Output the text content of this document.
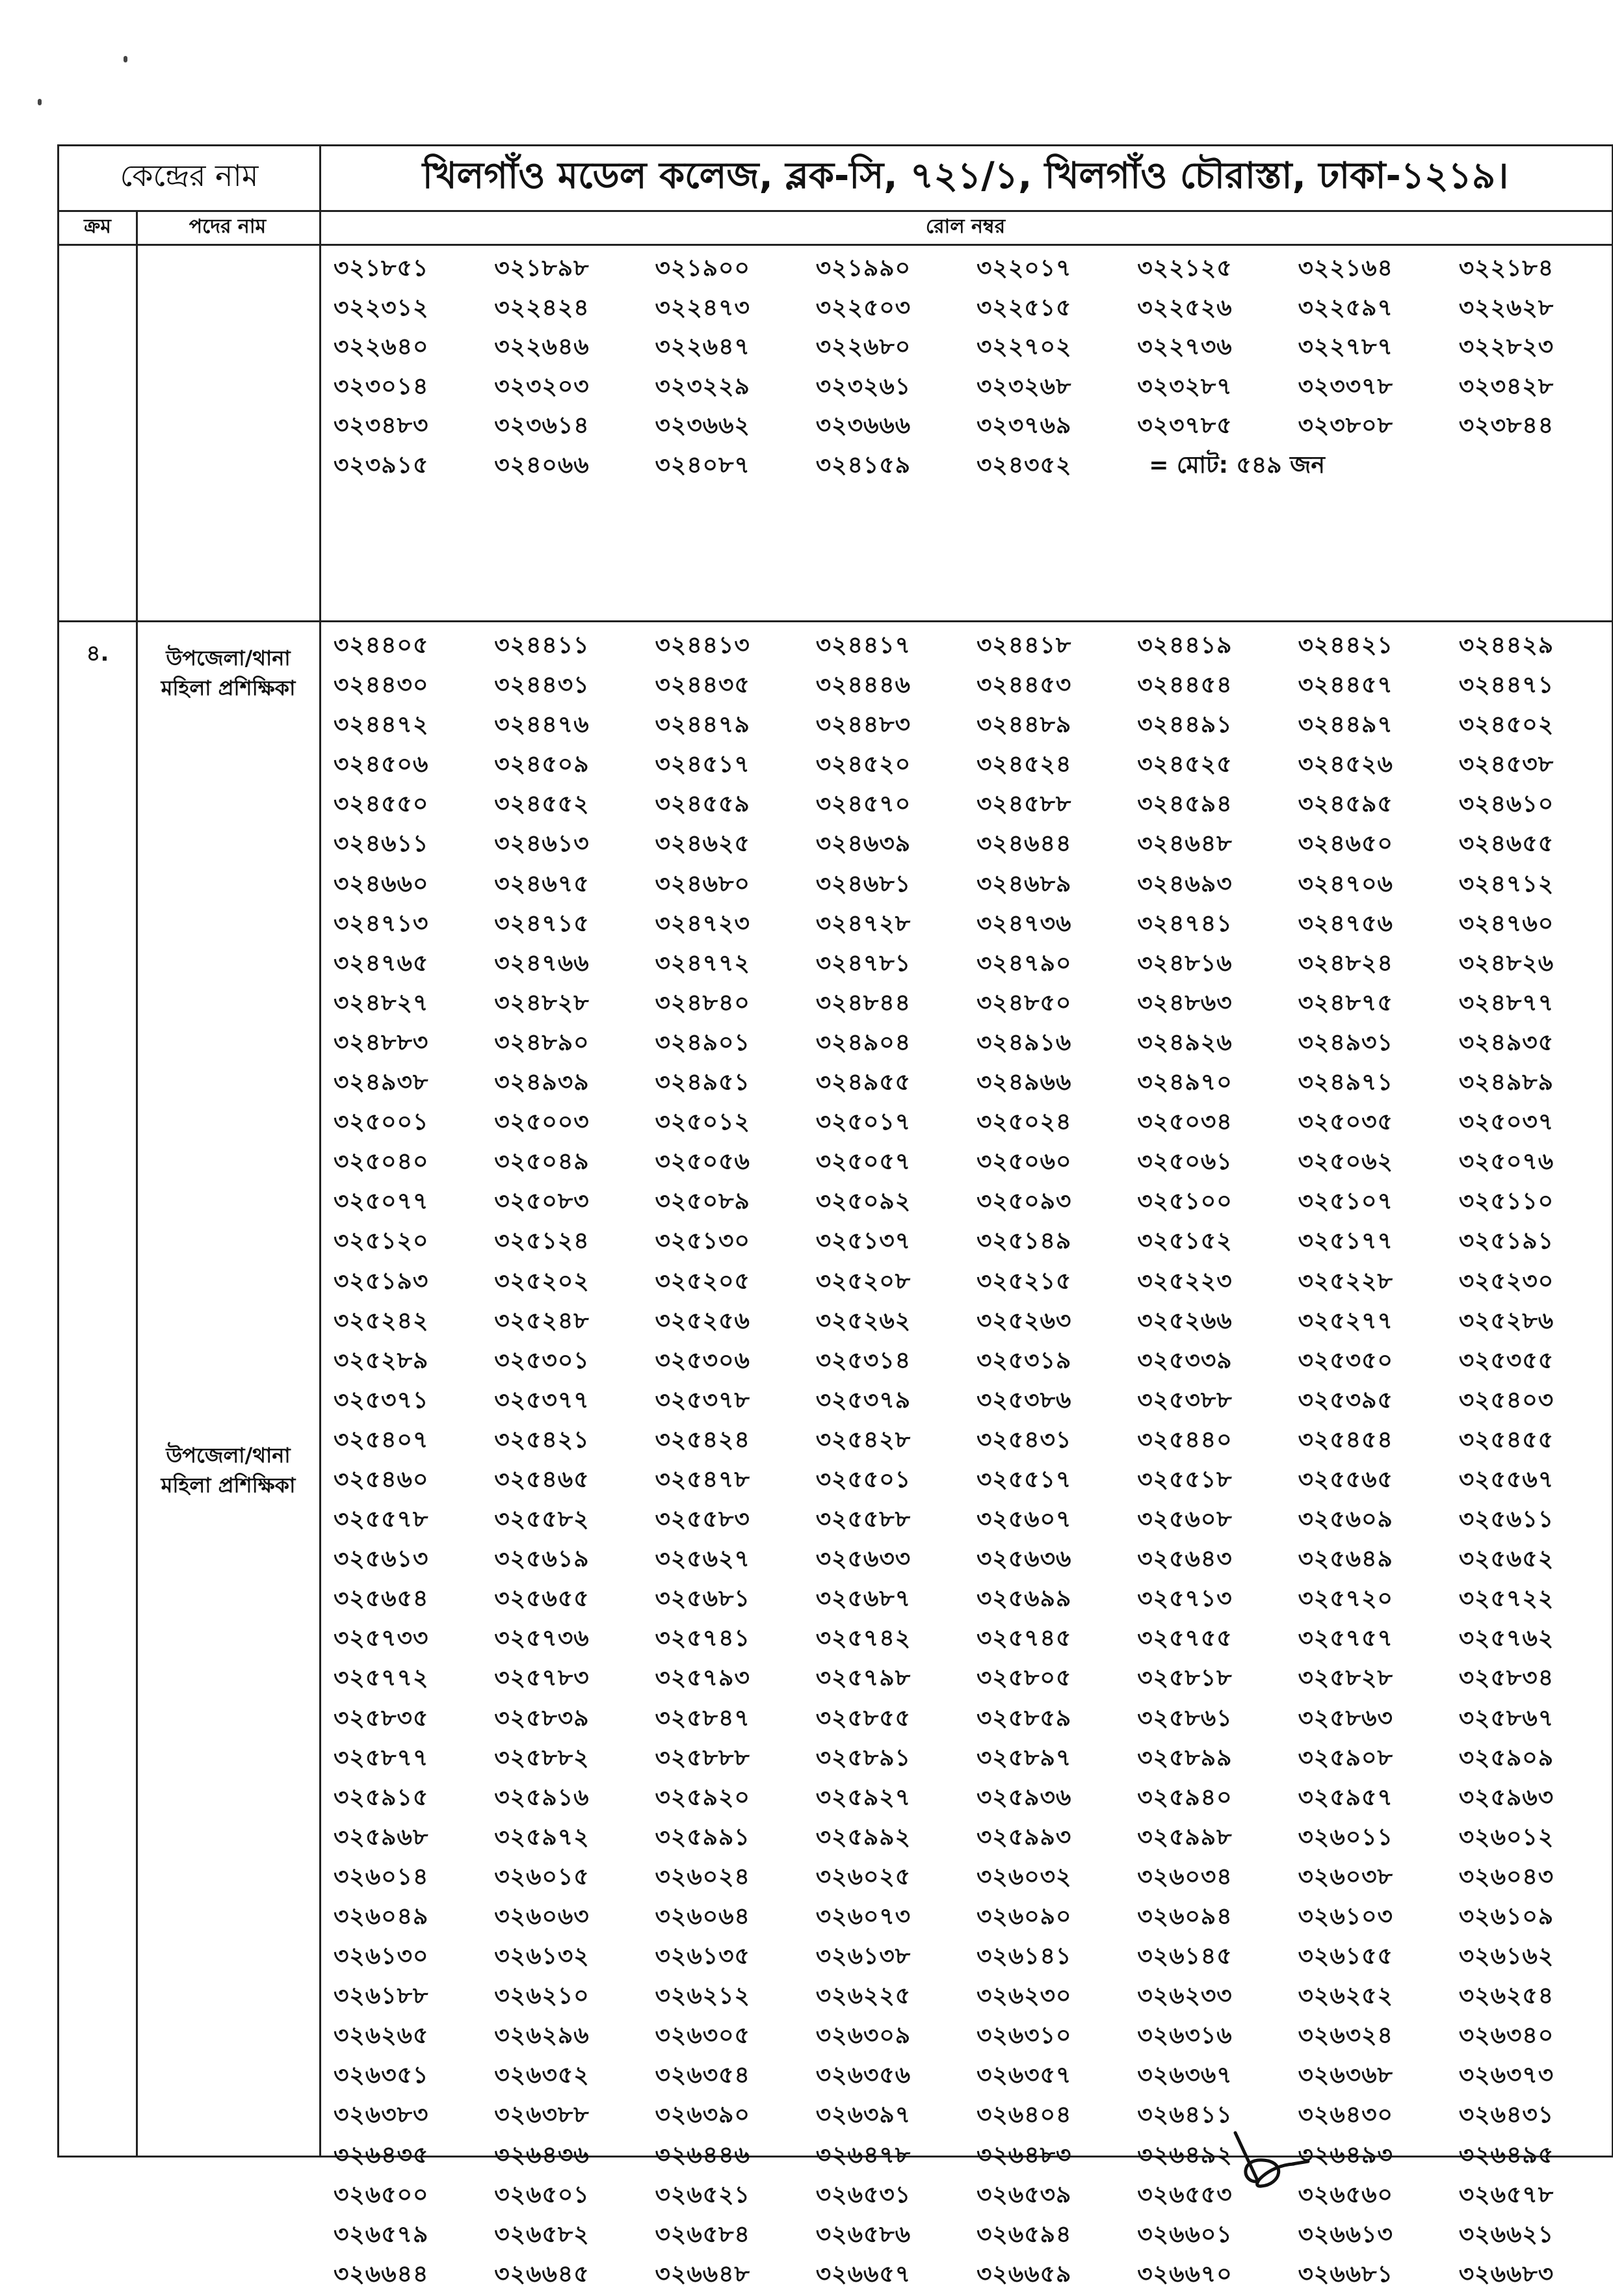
কেন্দ্রের নাম	খিলগাঁও মডেল কলেজ, ব্লক-সি, ৭২১/১, খিলগাঁও চৌরাস্তা, ঢাকা-১২১৯।
ক্রম	পদের নাম	রোল নম্বর
৩২১৮৫১	৩২১৮৯৮	৩২১৯০০	৩২১৯৯০	৩২২০১৭	৩২২১২৫	৩২২১৬৪	৩২২১৮৪
৩২২৩১২	৩২২৪২৪	৩২২৪৭৩	৩২২৫০৩	৩২২৫১৫	৩২২৫২৬	৩২২৫৯৭	৩২২৬২৮
৩২২৬৪০	৩২২৬৪৬	৩২২৬৪৭	৩২২৬৮০	৩২২৭০২	৩২২৭৩৬	৩২২৭৮৭	৩২২৮২৩
৩২৩০১৪	৩২৩২০৩	৩২৩২২৯	৩২৩২৬১	৩২৩২৬৮	৩২৩২৮৭	৩২৩৩৭৮	৩২৩৪২৮
৩২৩৪৮৩	৩২৩৬১৪	৩২৩৬৬২	৩২৩৬৬৬	৩২৩৭৬৯	৩২৩৭৮৫	৩২৩৮০৮	৩২৩৮৪৪
৩২৩৯১৫	৩২৪০৬৬	৩২৪০৮৭	৩২৪১৫৯	৩২৪৩৫২	= মোট: ৫৪৯ জন
৪.	উপজেলা/থানা
মহিলা প্রশিক্ষিকা
উপজেলা/থানা
মহিলা প্রশিক্ষিকা
৩২৪৪০৫	৩২৪৪১১	৩২৪৪১৩	৩২৪৪১৭	৩২৪৪১৮	৩২৪৪১৯	৩২৪৪২১	৩২৪৪২৯
৩২৪৪৩০	৩২৪৪৩১	৩২৪৪৩৫	৩২৪৪৪৬	৩২৪৪৫৩	৩২৪৪৫৪	৩২৪৪৫৭	৩২৪৪৭১
৩২৪৪৭২	৩২৪৪৭৬	৩২৪৪৭৯	৩২৪৪৮৩	৩২৪৪৮৯	৩২৪৪৯১	৩২৪৪৯৭	৩২৪৫০২
৩২৪৫০৬	৩২৪৫০৯	৩২৪৫১৭	৩২৪৫২০	৩২৪৫২৪	৩২৪৫২৫	৩২৪৫২৬	৩২৪৫৩৮
৩২৪৫৫০	৩২৪৫৫২	৩২৪৫৫৯	৩২৪৫৭০	৩২৪৫৮৮	৩২৪৫৯৪	৩২৪৫৯৫	৩২৪৬১০
৩২৪৬১১	৩২৪৬১৩	৩২৪৬২৫	৩২৪৬৩৯	৩২৪৬৪৪	৩২৪৬৪৮	৩২৪৬৫০	৩২৪৬৫৫
৩২৪৬৬০	৩২৪৬৭৫	৩২৪৬৮০	৩২৪৬৮১	৩২৪৬৮৯	৩২৪৬৯৩	৩২৪৭০৬	৩২৪৭১২
৩২৪৭১৩	৩২৪৭১৫	৩২৪৭২৩	৩২৪৭২৮	৩২৪৭৩৬	৩২৪৭৪১	৩২৪৭৫৬	৩২৪৭৬০
৩২৪৭৬৫	৩২৪৭৬৬	৩২৪৭৭২	৩২৪৭৮১	৩২৪৭৯০	৩২৪৮১৬	৩২৪৮২৪	৩২৪৮২৬
৩২৪৮২৭	৩২৪৮২৮	৩২৪৮৪০	৩২৪৮৪৪	৩২৪৮৫০	৩২৪৮৬৩	৩২৪৮৭৫	৩২৪৮৭৭
৩২৪৮৮৩	৩২৪৮৯০	৩২৪৯০১	৩২৪৯০৪	৩২৪৯১৬	৩২৪৯২৬	৩২৪৯৩১	৩২৪৯৩৫
৩২৪৯৩৮	৩২৪৯৩৯	৩২৪৯৫১	৩২৪৯৫৫	৩২৪৯৬৬	৩২৪৯৭০	৩২৪৯৭১	৩২৪৯৮৯
৩২৫০০১	৩২৫০০৩	৩২৫০১২	৩২৫০১৭	৩২৫০২৪	৩২৫০৩৪	৩২৫০৩৫	৩২৫০৩৭
৩২৫০৪০	৩২৫০৪৯	৩২৫০৫৬	৩২৫০৫৭	৩২৫০৬০	৩২৫০৬১	৩২৫০৬২	৩২৫০৭৬
৩২৫০৭৭	৩২৫০৮৩	৩২৫০৮৯	৩২৫০৯২	৩২৫০৯৩	৩২৫১০০	৩২৫১০৭	৩২৫১১০
৩২৫১২০	৩২৫১২৪	৩২৫১৩০	৩২৫১৩৭	৩২৫১৪৯	৩২৫১৫২	৩২৫১৭৭	৩২৫১৯১
৩২৫১৯৩	৩২৫২০২	৩২৫২০৫	৩২৫২০৮	৩২৫২১৫	৩২৫২২৩	৩২৫২২৮	৩২৫২৩০
৩২৫২৪২	৩২৫২৪৮	৩২৫২৫৬	৩২৫২৬২	৩২৫২৬৩	৩২৫২৬৬	৩২৫২৭৭	৩২৫২৮৬
৩২৫২৮৯	৩২৫৩০১	৩২৫৩০৬	৩২৫৩১৪	৩২৫৩১৯	৩২৫৩৩৯	৩২৫৩৫০	৩২৫৩৫৫
৩২৫৩৭১	৩২৫৩৭৭	৩২৫৩৭৮	৩২৫৩৭৯	৩২৫৩৮৬	৩২৫৩৮৮	৩২৫৩৯৫	৩২৫৪০৩
৩২৫৪০৭	৩২৫৪২১	৩২৫৪২৪	৩২৫৪২৮	৩২৫৪৩১	৩২৫৪৪০	৩২৫৪৫৪	৩২৫৪৫৫
৩২৫৪৬০	৩২৫৪৬৫	৩২৫৪৭৮	৩২৫৫০১	৩২৫৫১৭	৩২৫৫১৮	৩২৫৫৬৫	৩২৫৫৬৭
৩২৫৫৭৮	৩২৫৫৮২	৩২৫৫৮৩	৩২৫৫৮৮	৩২৫৬০৭	৩২৫৬০৮	৩২৫৬০৯	৩২৫৬১১
৩২৫৬১৩	৩২৫৬১৯	৩২৫৬২৭	৩২৫৬৩৩	৩২৫৬৩৬	৩২৫৬৪৩	৩২৫৬৪৯	৩২৫৬৫২
৩২৫৬৫৪	৩২৫৬৫৫	৩২৫৬৮১	৩২৫৬৮৭	৩২৫৬৯৯	৩২৫৭১৩	৩২৫৭২০	৩২৫৭২২
৩২৫৭৩৩	৩২৫৭৩৬	৩২৫৭৪১	৩২৫৭৪২	৩২৫৭৪৫	৩২৫৭৫৫	৩২৫৭৫৭	৩২৫৭৬২
৩২৫৭৭২	৩২৫৭৮৩	৩২৫৭৯৩	৩২৫৭৯৮	৩২৫৮০৫	৩২৫৮১৮	৩২৫৮২৮	৩২৫৮৩৪
৩২৫৮৩৫	৩২৫৮৩৯	৩২৫৮৪৭	৩২৫৮৫৫	৩২৫৮৫৯	৩২৫৮৬১	৩২৫৮৬৩	৩২৫৮৬৭
৩২৫৮৭৭	৩২৫৮৮২	৩২৫৮৮৮	৩২৫৮৯১	৩২৫৮৯৭	৩২৫৮৯৯	৩২৫৯০৮	৩২৫৯০৯
৩২৫৯১৫	৩২৫৯১৬	৩২৫৯২০	৩২৫৯২৭	৩২৫৯৩৬	৩২৫৯৪০	৩২৫৯৫৭	৩২৫৯৬৩
৩২৫৯৬৮	৩২৫৯৭২	৩২৫৯৯১	৩২৫৯৯২	৩২৫৯৯৩	৩২৫৯৯৮	৩২৬০১১	৩২৬০১২
৩২৬০১৪	৩২৬০১৫	৩২৬০২৪	৩২৬০২৫	৩২৬০৩২	৩২৬০৩৪	৩২৬০৩৮	৩২৬০৪৩
৩২৬০৪৯	৩২৬০৬৩	৩২৬০৬৪	৩২৬০৭৩	৩২৬০৯০	৩২৬০৯৪	৩২৬১০৩	৩২৬১০৯
৩২৬১৩০	৩২৬১৩২	৩২৬১৩৫	৩২৬১৩৮	৩২৬১৪১	৩২৬১৪৫	৩২৬১৫৫	৩২৬১৬২
৩২৬১৮৮	৩২৬২১০	৩২৬২১২	৩২৬২২৫	৩২৬২৩০	৩২৬২৩৩	৩২৬২৫২	৩২৬২৫৪
৩২৬২৬৫	৩২৬২৯৬	৩২৬৩০৫	৩২৬৩০৯	৩২৬৩১০	৩২৬৩১৬	৩২৬৩২৪	৩২৬৩৪০
৩২৬৩৫১	৩২৬৩৫২	৩২৬৩৫৪	৩২৬৩৫৬	৩২৬৩৫৭	৩২৬৩৬৭	৩২৬৩৬৮	৩২৬৩৭৩
৩২৬৩৮৩	৩২৬৩৮৮	৩২৬৩৯০	৩২৬৩৯৭	৩২৬৪০৪	৩২৬৪১১	৩২৬৪৩০	৩২৬৪৩১
৩২৬৪৩৫	৩২৬৪৩৬	৩২৬৪৪৬	৩২৬৪৭৮	৩২৬৪৮৩	৩২৬৪৯২	৩২৬৪৯৩	৩২৬৪৯৫
৩২৬৫০০	৩২৬৫০১	৩২৬৫২১	৩২৬৫৩১	৩২৬৫৩৯	৩২৬৫৫৩	৩২৬৫৬০	৩২৬৫৭৮
৩২৬৫৭৯	৩২৬৫৮২	৩২৬৫৮৪	৩২৬৫৮৬	৩২৬৫৯৪	৩২৬৬০১	৩২৬৬১৩	৩২৬৬২১
৩২৬৬৪৪	৩২৬৬৪৫	৩২৬৬৪৮	৩২৬৬৫৭	৩২৬৬৫৯	৩২৬৬৭০	৩২৬৬৮১	৩২৬৬৮৩
